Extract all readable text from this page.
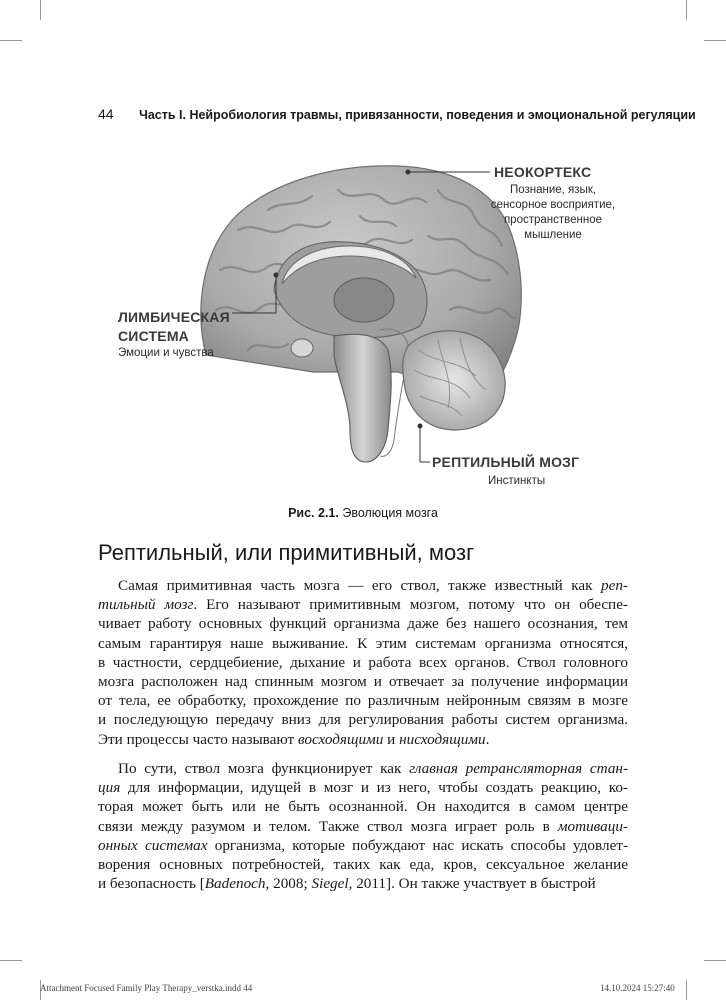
44 Часть I. Нейробиология травмы, привязанности, поведения и эмоциональной регуляции
НЕОКОРТЕКС
Познание, язык,
сенсорное восприятие,
пространственное
мышление
ЛИМБИЧЕСКАЯ
СИСТЕМА
Эмоции и чувства
РЕПТИЛЬНЫЙ МОЗГ
Инстинкты
Рис. 2.1. Эволюция мозга
Рептильный, или примитивный, мозг
Самая примитивная часть мозга — его ствол, также известный как реп-
тильный мозг. Его называют примитивным мозгом, потому что он обеспе-
чивает работу основных функций организма даже без нашего осознания, тем
самым гарантируя наше выживание. К этим системам организма относятся,
в частности, сердцебиение, дыхание и работа всех органов. Ствол головного
мозга расположен над спинным мозгом и отвечает за получение информации
от тела, ее обработку, прохождение по различным нейронным связям в мозге
и последующую передачу вниз для регулирования работы систем организма.
Эти процессы часто называют восходящими и нисходящими.
По сути, ствол мозга функционирует как главная ретрансляторная стан-
ция для информации, идущей в мозг и из него, чтобы создать реакцию, ко-
торая может быть или не быть осознанной. Он находится в самом центре
связи между разумом и телом. Также ствол мозга играет роль в мотиваци-
онных системах организма, которые побуждают нас искать способы удовлет-
ворения основных потребностей, таких как еда, кров, сексуальное желание
и безопасность [Badenoch, 2008; Siegel, 2011]. Он также участвует в быстрой
Attachment Focused Family Play Therapy_verstka.indd 44	14.10.2024 15:27:40
